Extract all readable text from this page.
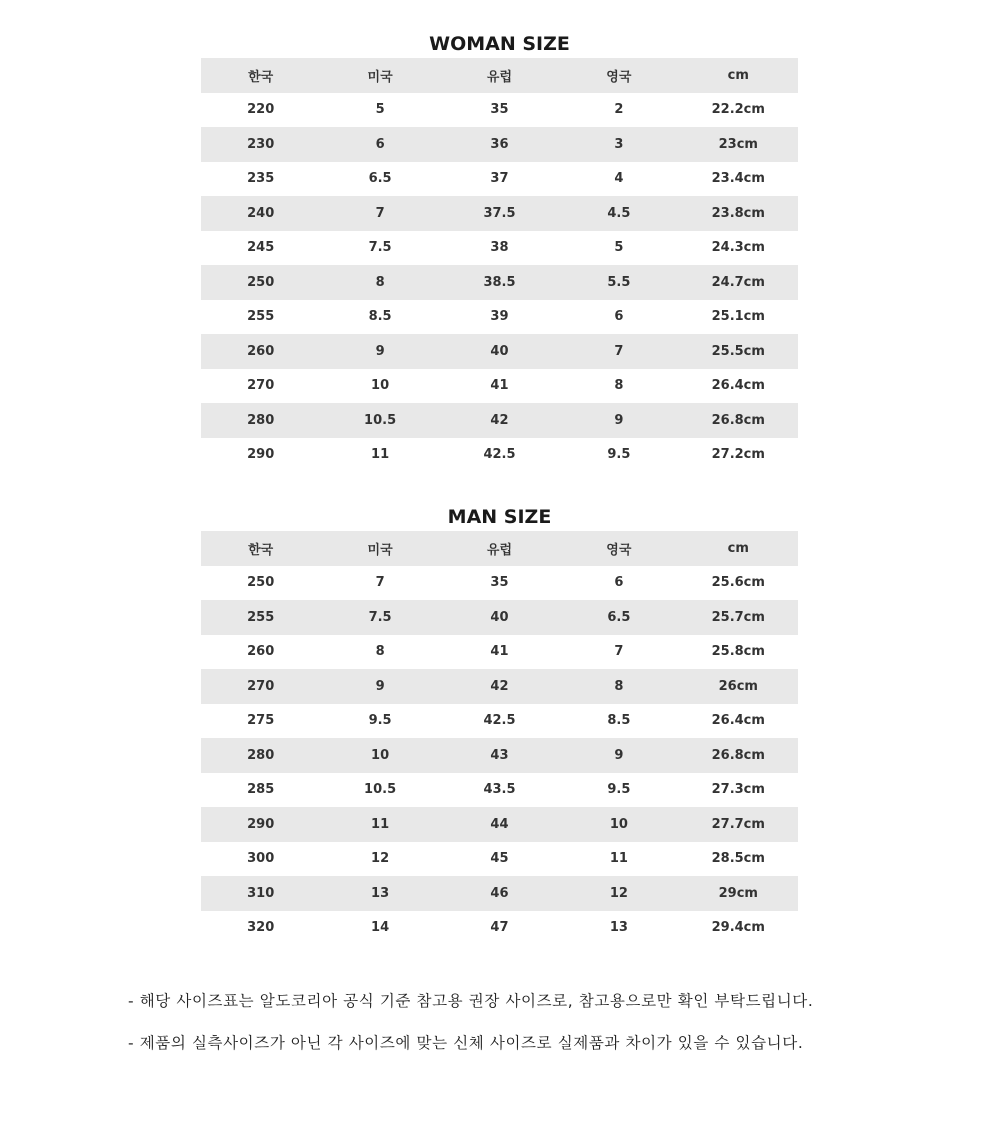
WOMAN SIZE
한국	미국	유럽	영국	cm
220	5	35	2	22.2cm
230	6	36	3	23cm
235	6.5	37	4	23.4cm
240	7	37.5	4.5	23.8cm
245	7.5	38	5	24.3cm
250	8	38.5	5.5	24.7cm
255	8.5	39	6	25.1cm
260	9	40	7	25.5cm
270	10	41	8	26.4cm
280	10.5	42	9	26.8cm
290	11	42.5	9.5	27.2cm
MAN SIZE
한국	미국	유럽	영국	cm
250	7	35	6	25.6cm
255	7.5	40	6.5	25.7cm
260	8	41	7	25.8cm
270	9	42	8	26cm
275	9.5	42.5	8.5	26.4cm
280	10	43	9	26.8cm
285	10.5	43.5	9.5	27.3cm
290	11	44	10	27.7cm
300	12	45	11	28.5cm
310	13	46	12	29cm
320	14	47	13	29.4cm
- 해당 사이즈표는 알도코리아 공식 기준 참고용 권장 사이즈로, 참고용으로만 확인 부탁드립니다.
- 제품의 실측사이즈가 아닌 각 사이즈에 맞는 신체 사이즈로 실제품과 차이가 있을 수 있습니다.
